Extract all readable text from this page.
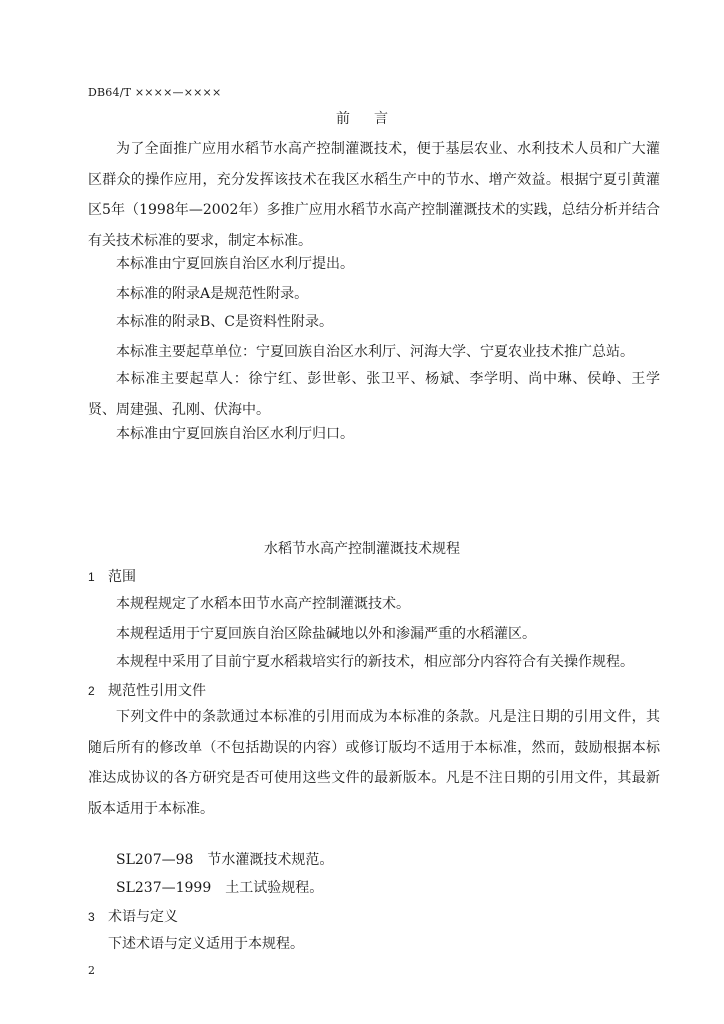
DB64/T ××××—××××
前言

为了全面推广应用水稻节水高产控制灌溉技术，便于基层农业、水利技术人员和广大灌区群众的操作应用，充分发挥该技术在我区水稻生产中的节水、增产效益。根据宁夏引黄灌区5年（1998年—2002年）多推广应用水稻节水高产控制灌溉技术的实践，总结分析并结合有关技术标准的要求，制定本标准。

本标准由宁夏回族自治区水利厅提出。

本标准的附录A是规范性附录。

本标准的附录B、C是资料性附录。

本标准主要起草单位：宁夏回族自治区水利厅、河海大学、宁夏农业技术推广总站。

本标准主要起草人：徐宁红、彭世彰、张卫平、杨斌、李学明、尚中琳、侯峥、王学贤、周建强、孔刚、伏海中。

本标准由宁夏回族自治区水利厅归口。

水稻节水高产控制灌溉技术规程
1 范围

本规程规定了水稻本田节水高产控制灌溉技术。

本规程适用于宁夏回族自治区除盐碱地以外和渗漏严重的水稻灌区。

本规程中采用了目前宁夏水稻栽培实行的新技术，相应部分内容符合有关操作规程。

2 规范性引用文件

下列文件中的条款通过本标准的引用而成为本标准的条款。凡是注日期的引用文件，其随后所有的修改单（不包括勘误的内容）或修订版均不适用于本标准，然而，鼓励根据本标准达成协议的各方研究是否可使用这些文件的最新版本。凡是不注日期的引用文件，其最新版本适用于本标准。

SL207—98　节水灌溉技术规范。

SL237—1999　土工试验规程。

3 术语与定义

下述术语与定义适用于本规程。

2
